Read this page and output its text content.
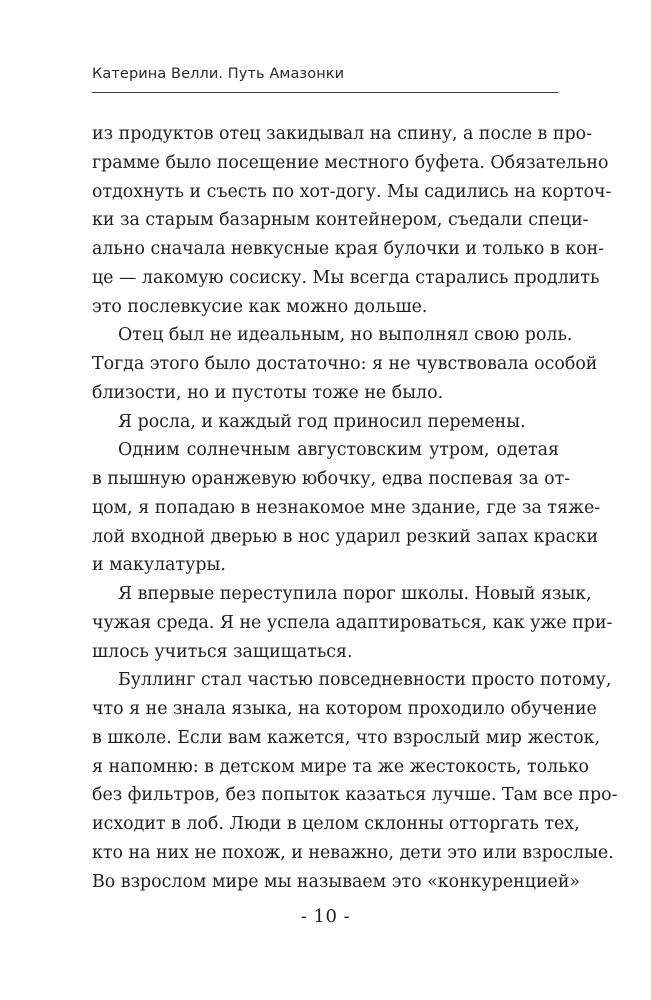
Катерина Велли. Путь Амазонки
из продуктов отец закидывал на спину, а после в про-
грамме было посещение местного буфета. Обязательно
отдохнуть и съесть по хот-догу. Мы садились на корточ-
ки за старым базарным контейнером, съедали специ-
ально сначала невкусные края булочки и только в кон-
це — лакомую сосиску. Мы всегда старались продлить
это послевкусие как можно дольше.
Отец был не идеальным, но выполнял свою роль.
Тогда этого было достаточно: я не чувствовала особой
близости, но и пустоты тоже не было.
Я росла, и каждый год приносил перемены.
Одним солнечным августовским утром, одетая
в пышную оранжевую юбочку, едва поспевая за от-
цом, я попадаю в незнакомое мне здание, где за тяже-
лой входной дверью в нос ударил резкий запах краски
и макулатуры.
Я впервые переступила порог школы. Новый язык,
чужая среда. Я не успела адаптироваться, как уже при-
шлось учиться защищаться.
Буллинг стал частью повседневности просто потому,
что я не знала языка, на котором проходило обучение
в школе. Если вам кажется, что взрослый мир жесток,
я напомню: в детском мире та же жестокость, только
без фильтров, без попыток казаться лучше. Там все про-
исходит в лоб. Люди в целом склонны отторгать тех,
кто на них не похож, и неважно, дети это или взрослые.
Во взрослом мире мы называем это «конкуренцией»
- 10 -
